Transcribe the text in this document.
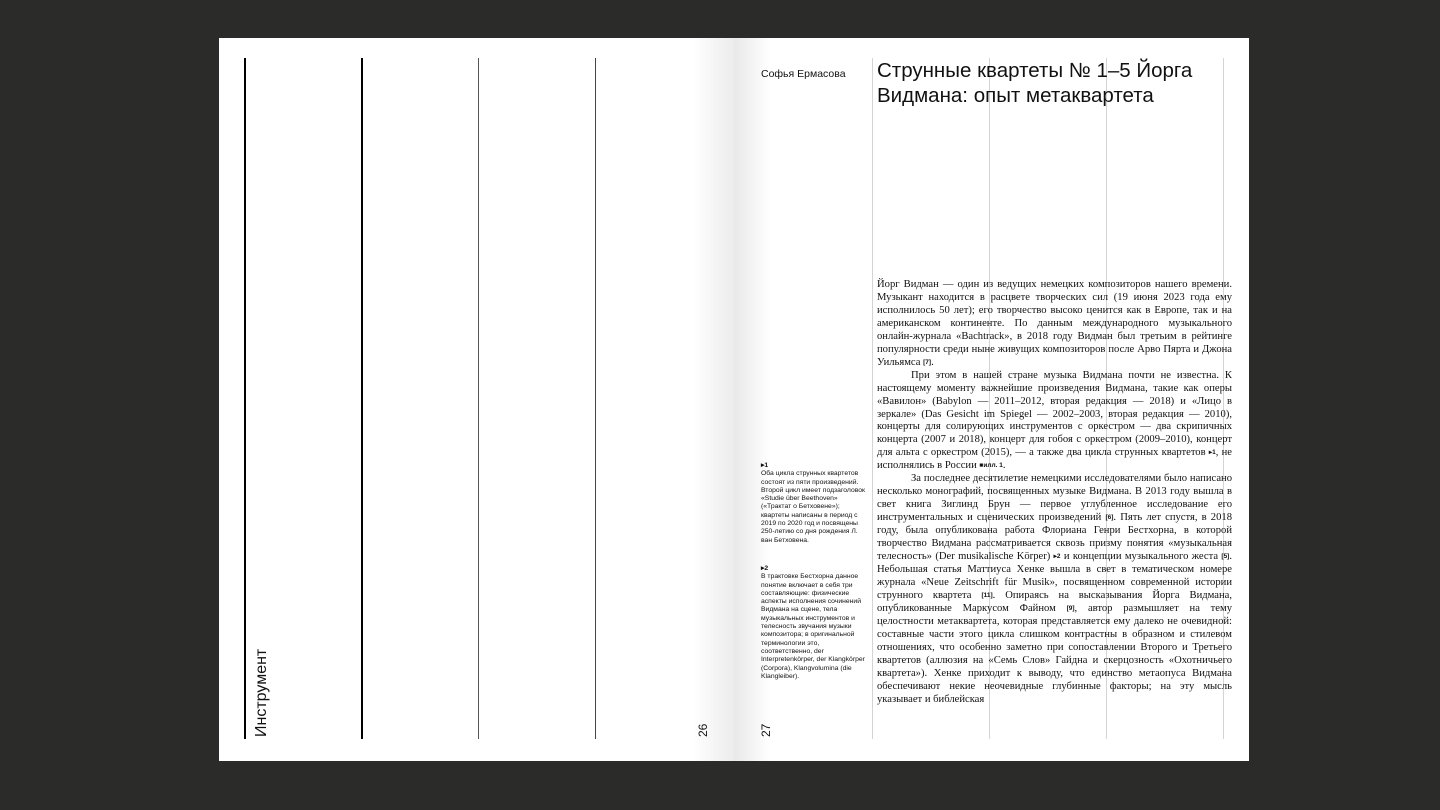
Инструмент	26
Софья Ермасова Струнные квартеты № 1–5 Йорга Видмана: опыт метаквартета
▸1
Оба цикла струнных квартетов состоят из пяти произведений. Второй цикл имеет подзаголовок «Studie über Beethoven» («Трактат о Бетховене»); квартеты написаны в период с 2019 по 2020 год и посвящены 250-летию со дня рождения Л. ван Бетховена.
▸2
В трактовке Бестхорна данное понятие включает в себя три составляющие: физические аспекты исполнения сочинений Видмана на сцене, тела музыкальных инструментов и телесность звучания музыки композитора; в оригинальной терминологии это, соответственно, der Interpretenkörper, der Klangkörper (Corpora), Klangvolumina (die Klangleiber).

Йорг Видман — один из ведущих немецких композиторов нашего времени. Музыкант находится в расцвете творческих сил (19 июня 2023 года ему исполнилось 50 лет); его творчество высоко ценится как в Европе, так и на американском континенте. По данным международного музыкального онлайн-журнала «Bachtrack», в 2018 году Видман был третьим в рейтинге популярности среди ныне живущих композиторов после Арво Пярта и Джона Уильямса [7].

При этом в нашей стране музыка Видмана почти не известна. К настоящему моменту важнейшие произведения Видмана, такие как оперы «Вавилон» (Babylon — 2011–2012, вторая редакция — 2018) и «Лицо в зеркале» (Das Gesicht im Spiegel — 2002–2003, вторая редакция — 2010), концерты для солирующих инструментов с оркестром — два скрипичных концерта (2007 и 2018), концерт для гобоя с оркестром (2009–2010), концерт для альта с оркестром (2015), — а также два цикла струнных квартетов ▸1, не исполнялись в России ■илл. 1.

За последнее десятилетие немецкими исследователями было написано несколько монографий, посвященных музыке Видмана. В 2013 году вышла в свет книга Зиглинд Брун — первое углубленное исследование его инструментальных и сценических произведений [6]. Пять лет спустя, в 2018 году, была опубликована работа Флориана Генри Бестхорна, в которой творчество Видмана рассматривается сквозь призму понятия «музыкальная телесность» (Der musikalische Körper) ▸2 и концепции музыкального жеста [5]. Небольшая статья Маттиуса Хенке вышла в свет в тематическом номере журнала «Neue Zeitschrift für Musik», посвященном современной истории струнного квартета [11]. Опираясь на высказывания Йорга Видмана, опубликованные Маркусом Файном [9], автор размышляет на тему целостности метаквартета, которая представляется ему далеко не очевидной: составные части этого цикла слишком контрастны в образном и стилевом отношениях, что особенно заметно при сопоставлении Второго и Третьего квартетов (аллюзия на «Семь Слов» Гайдна и скерцозность «Охотничьего квартета»). Хенке приходит к выводу, что единство метаопуса Видмана обеспечивают некие неочевидные глубинные факторы; на эту мысль указывает и библейская

27
